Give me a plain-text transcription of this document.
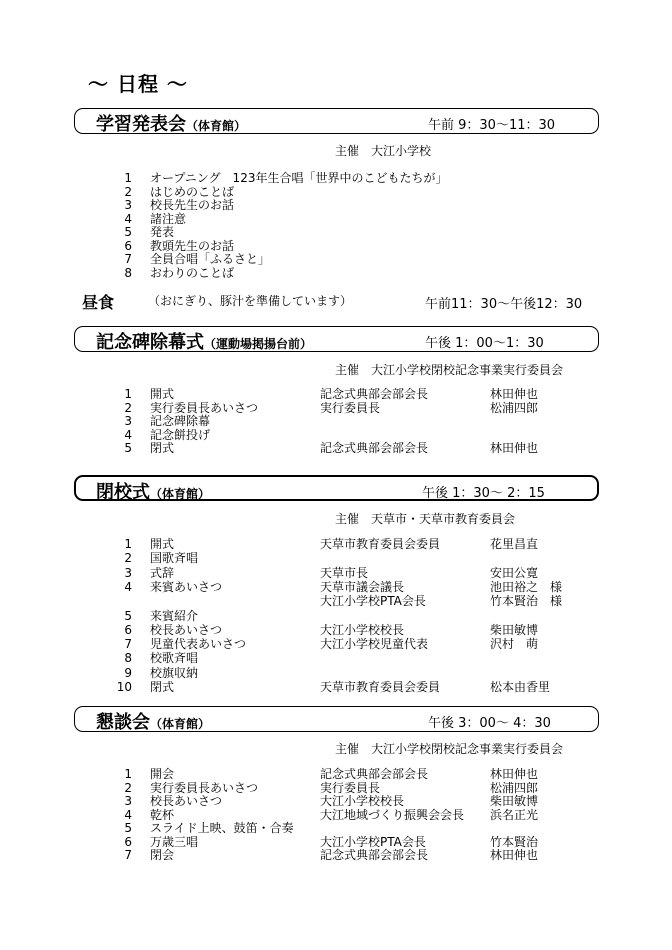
〜 日程 〜
学習発表会（体育館）	午前 9：30〜11：30
主催　大江小学校
1 オープニング　123年生合唱「世界中のこどもたちが」
2 はじめのことば
3 校長先生のお話
4 諸注意
5 発表
6 教頭先生のお話
7 全員合唱「ふるさと」
8 おわりのことば
昼食	（おにぎり、豚汁を準備しています）	午前11：30〜午後12：30
記念碑除幕式（運動場掲揚台前）	午後 1：00〜1：30
主催　大江小学校閉校記念事業実行委員会
1 開式	記念式典部会部会長	林田伸也
2 実行委員長あいさつ	実行委員長	松浦四郎
3 記念碑除幕
4 記念餅投げ
5 閉式	記念式典部会部会長	林田伸也
閉校式（体育館）	午後 1：30〜 2：15
主催　天草市・天草市教育委員会
1 開式	天草市教育委員会委員	花里昌直
2 国歌斉唱
3 式辞	天草市長	安田公寛
4 来賓あいさつ	天草市議会議長	池田裕之　様
大江小学校PTA会長	竹本賢治　様
5 来賓紹介
6 校長あいさつ	大江小学校校長	柴田敏博
7 児童代表あいさつ	大江小学校児童代表	沢村　萌
8 校歌斉唱
9 校旗収納
10 閉式	天草市教育委員会委員	松本由香里
懇談会（体育館）	午後 3：00〜 4：30
主催　大江小学校閉校記念事業実行委員会
1 開会	記念式典部会部会長	林田伸也
2 実行委員長あいさつ	実行委員長	松浦四郎
3 校長あいさつ	大江小学校校長	柴田敏博
4 乾杯	大江地域づくり振興会会長 浜名正光
5 スライド上映、鼓笛・合奏
6 万歳三唱	大江小学校PTA会長	竹本賢治
7 閉会	記念式典部会部会長	林田伸也
